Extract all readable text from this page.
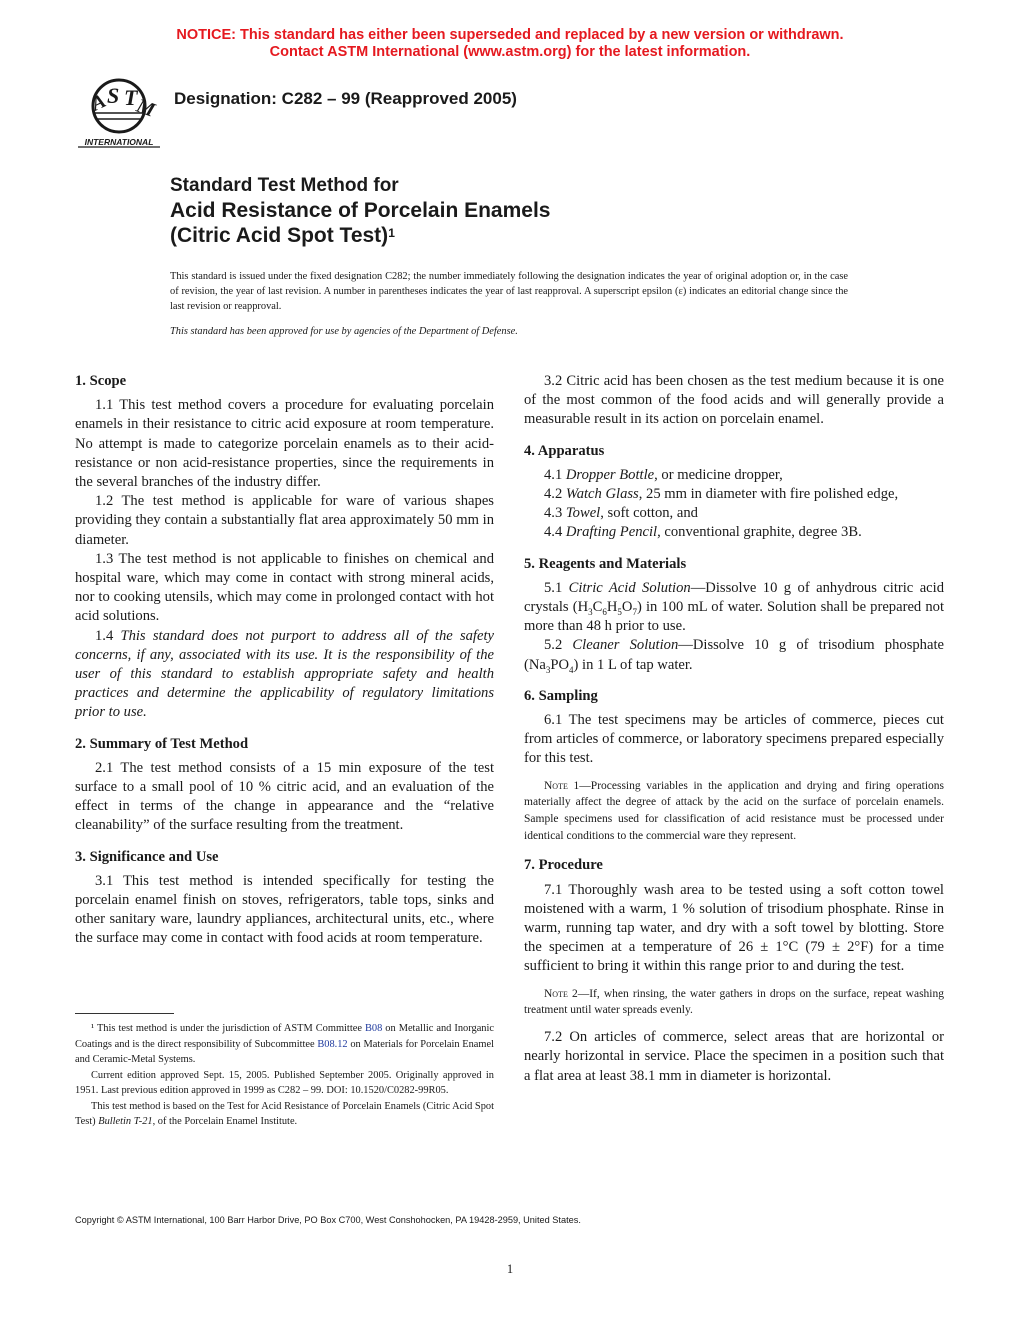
NOTICE: This standard has either been superseded and replaced by a new version or withdrawn.
Contact ASTM International (www.astm.org) for the latest information.
A
S T
M
INTERNATIONAL
Designation: C282 – 99 (Reapproved 2005)
Standard Test Method for
Acid Resistance of Porcelain Enamels
(Citric Acid Spot Test)$^1$
This standard is issued under the fixed designation C282; the number immediately following the designation indicates the year of original adoption or, in the case of revision, the year of last revision. A number in parentheses indicates the year of last reapproval. A superscript epsilon (ε) indicates an editorial change since the last revision or reapproval.
This standard has been approved for use by agencies of the Department of Defense.
1. Scope

1.1 This test method covers a procedure for evaluating porcelain enamels in their resistance to citric acid exposure at room temperature. No attempt is made to categorize porcelain enamels as to their acid-resistance or non acid-resistance properties, since the requirements in the several branches of the industry differ.

1.2 The test method is applicable for ware of various shapes providing they contain a substantially flat area approximately 50 mm in diameter.

1.3 The test method is not applicable to finishes on chemical and hospital ware, which may come in contact with strong mineral acids, nor to cooking utensils, which may come in prolonged contact with hot acid solutions.

1.4 This standard does not purport to address all of the safety concerns, if any, associated with its use. It is the responsibility of the user of this standard to establish appropriate safety and health practices and determine the applicability of regulatory limitations prior to use.

2. Summary of Test Method

2.1 The test method consists of a 15 min exposure of the test surface to a small pool of 10 % citric acid, and an evaluation of the effect in terms of the change in appearance and the “relative cleanability” of the surface resulting from the treatment.

3. Significance and Use

3.1 This test method is intended specifically for testing the porcelain enamel finish on stoves, refrigerators, table tops, sinks and other sanitary ware, laundry appliances, architectural units, etc., where the surface may come in contact with food acids at room temperature.

3.2 Citric acid has been chosen as the test medium because it is one of the most common of the food acids and will generally provide a measurable result in its action on porcelain enamel.

4. Apparatus

4.1 Dropper Bottle, or medicine dropper,

4.2 Watch Glass, 25 mm in diameter with fire polished edge,

4.3 Towel, soft cotton, and

4.4 Drafting Pencil, conventional graphite, degree 3B.

5. Reagents and Materials

5.1 Citric Acid Solution—Dissolve 10 g of anhydrous citric acid crystals $(H_3C_6H_5O_7)$ in 100 mL of water. Solution shall be prepared not more than 48 h prior to use.

5.2 Cleaner Solution—Dissolve 10 g of trisodium phosphate $(Na_3PO_4)$ in 1 L of tap water.

6. Sampling

6.1 The test specimens may be articles of commerce, pieces cut from articles of commerce, or laboratory specimens prepared especially for this test.

Note 1—Processing variables in the application and drying and firing operations materially affect the degree of attack by the acid on the surface of porcelain enamels. Sample specimens used for classification of acid resistance must be processed under identical conditions to the commercial ware they represent.

7. Procedure

7.1 Thoroughly wash area to be tested using a soft cotton towel moistened with a warm, 1 % solution of trisodium phosphate. Rinse in warm, running tap water, and dry with a soft towel by blotting. Store the specimen at a temperature of 26 ± 1°C (79 ± 2°F) for a time sufficient to bring it within this range prior to and during the test.

Note 2—If, when rinsing, the water gathers in drops on the surface, repeat washing treatment until water spreads evenly.

7.2 On articles of commerce, select areas that are horizontal or nearly horizontal in service. Place the specimen in a position such that a flat area at least 38.1 mm in diameter is horizontal.

¹ This test method is under the jurisdiction of ASTM Committee B08 on Metallic and Inorganic Coatings and is the direct responsibility of Subcommittee B08.12 on Materials for Porcelain Enamel and Ceramic-Metal Systems.

Current edition approved Sept. 15, 2005. Published September 2005. Originally approved in 1951. Last previous edition approved in 1999 as C282 – 99. DOI: 10.1520/C0282-99R05.

This test method is based on the Test for Acid Resistance of Porcelain Enamels (Citric Acid Spot Test) Bulletin T-21, of the Porcelain Enamel Institute.

Copyright © ASTM International, 100 Barr Harbor Drive, PO Box C700, West Conshohocken, PA 19428-2959, United States.
1
